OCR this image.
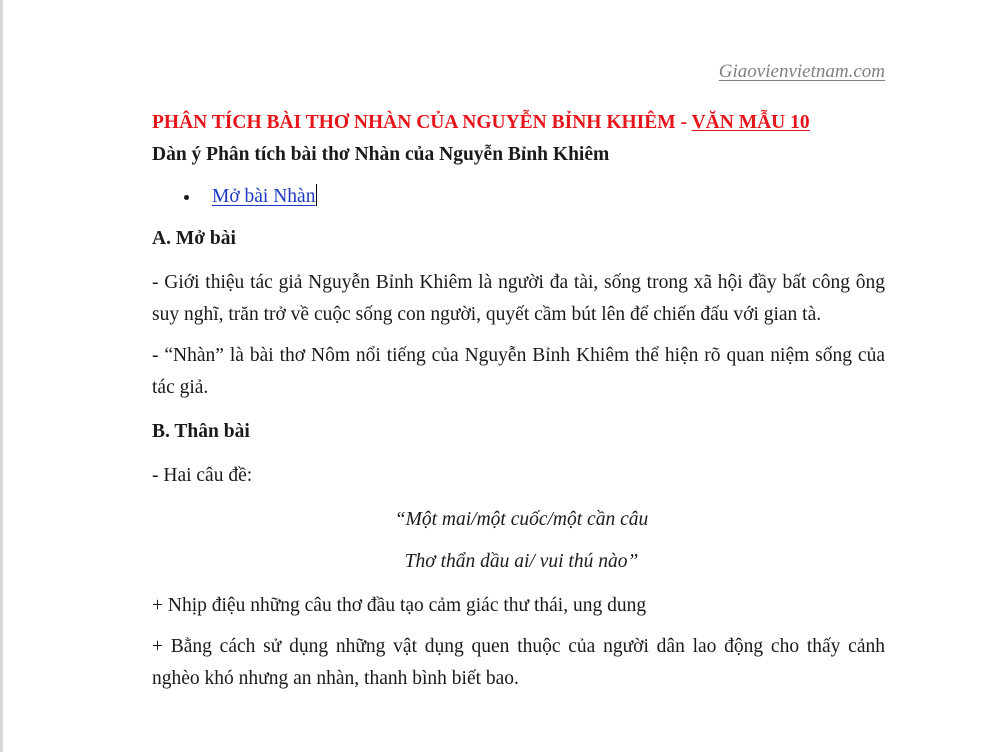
Giaovienvietnam.com
PHÂN TÍCH BÀI THƠ NHÀN CỦA NGUYỄN BỈNH KHIÊM - VĂN MẪU 10
Dàn ý Phân tích bài thơ Nhàn của Nguyễn Bỉnh Khiêm
Mở bài Nhàn
A. Mở bài
- Giới thiệu tác giả Nguyễn Bỉnh Khiêm là người đa tài, sống trong xã hội đầy bất công ông suy nghĩ, trăn trở về cuộc sống con người, quyết cầm bút lên để chiến đấu với gian tà.
- “Nhàn” là bài thơ Nôm nổi tiếng của Nguyễn Bỉnh Khiêm thể hiện rõ quan niệm sống của tác giả.
B. Thân bài
- Hai câu đề:
“Một mai/một cuốc/một cần câu
Thơ thẩn dầu ai/ vui thú nào”
+ Nhịp điệu những câu thơ đầu tạo cảm giác thư thái, ung dung
+ Bằng cách sử dụng những vật dụng quen thuộc của người dân lao động cho thấy cảnh nghèo khó nhưng an nhàn, thanh bình biết bao.
